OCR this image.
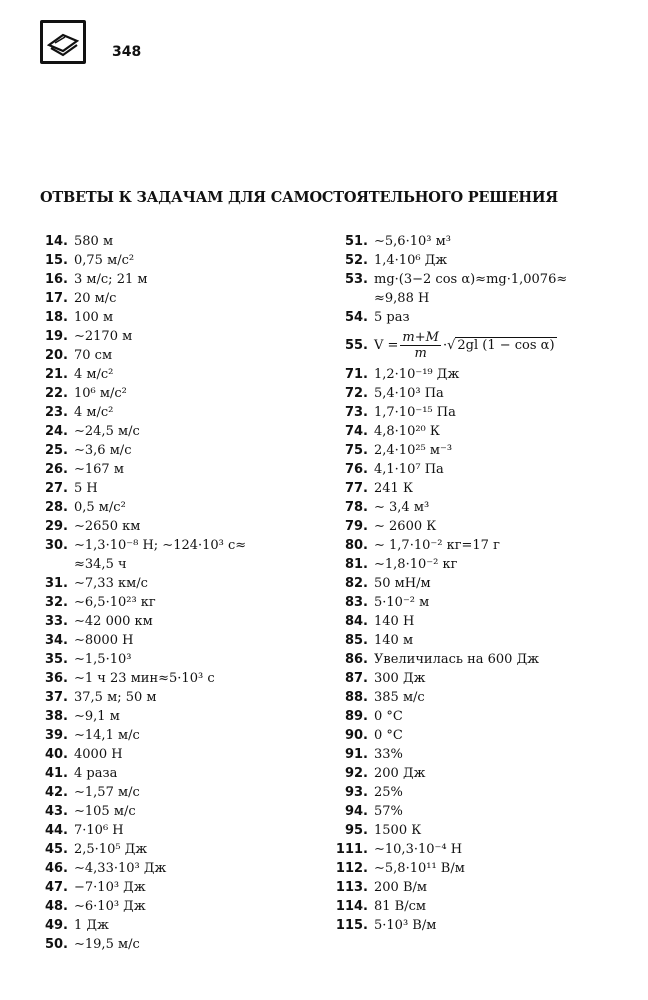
348
ОТВЕТЫ К ЗАДАЧАМ ДЛЯ САМОСТОЯТЕЛЬНОГО РЕШЕНИЯ
14. 580 м
15. 0,75 м/с²
16. 3 м/с; 21 м
17. 20 м/с
18. 100 м
19. ∼2170 м
20. 70 см
21. 4 м/с²
22. 10⁶ м/с²
23. 4 м/с²
24. ∼24,5 м/с
25. ∼3,6 м/с
26. ∼167 м
27. 5 Н
28. 0,5 м/с²
29. ∼2650 км
30. ∼1,3·10⁻⁸ Н; ∼124·10³ с≈
≈34,5 ч
31. ∼7,33 км/с
32. ∼6,5·10²³ кг
33. ∼42 000 км
34. ∼8000 Н
35. ∼1,5·10³
36. ∼1 ч 23 мин≈5·10³ с
37. 37,5 м; 50 м
38. ∼9,1 м
39. ∼14,1 м/с
40. 4000 Н
41. 4 раза
42. ∼1,57 м/с
43. ∼105 м/с
44. 7·10⁶ Н
45. 2,5·10⁵ Дж
46. ∼4,33·10³ Дж
47. −7·10³ Дж
48. ∼6·10³ Дж
49. 1 Дж
50. ∼19,5 м/с
51. ∼5,6·10³ м³
52. 1,4·10⁶ Дж
53. mg·(3−2 cos α)≈mg·1,0076≈
≈9,88 Н
54. 5 раз
55. $V = \frac{m+M}{m}$ ·√ 2gl (1 − cos α)
71. 1,2·10⁻¹⁹ Дж
72. 5,4·10³ Па
73. 1,7·10⁻¹⁵ Па
74. 4,8·10²⁰ К
75. 2,4·10²⁵ м⁻³
76. 4,1·10⁷ Па
77. 241 К
78. ∼ 3,4 м³
79. ∼ 2600 К
80. ∼ 1,7·10⁻² кг=17 г
81. ∼1,8·10⁻² кг
82. 50 мН/м
83. 5·10⁻² м
84. 140 Н
85. 140 м
86. Увеличилась на 600 Дж
87. 300 Дж
88. 385 м/с
89. 0 °С
90. 0 °С
91. 33%
92. 200 Дж
93. 25%
94. 57%
95. 1500 К
111. ∼10,3·10⁻⁴ Н
112. ∼5,8·10¹¹ В/м
113. 200 В/м
114. 81 В/см
115. 5·10³ В/м
